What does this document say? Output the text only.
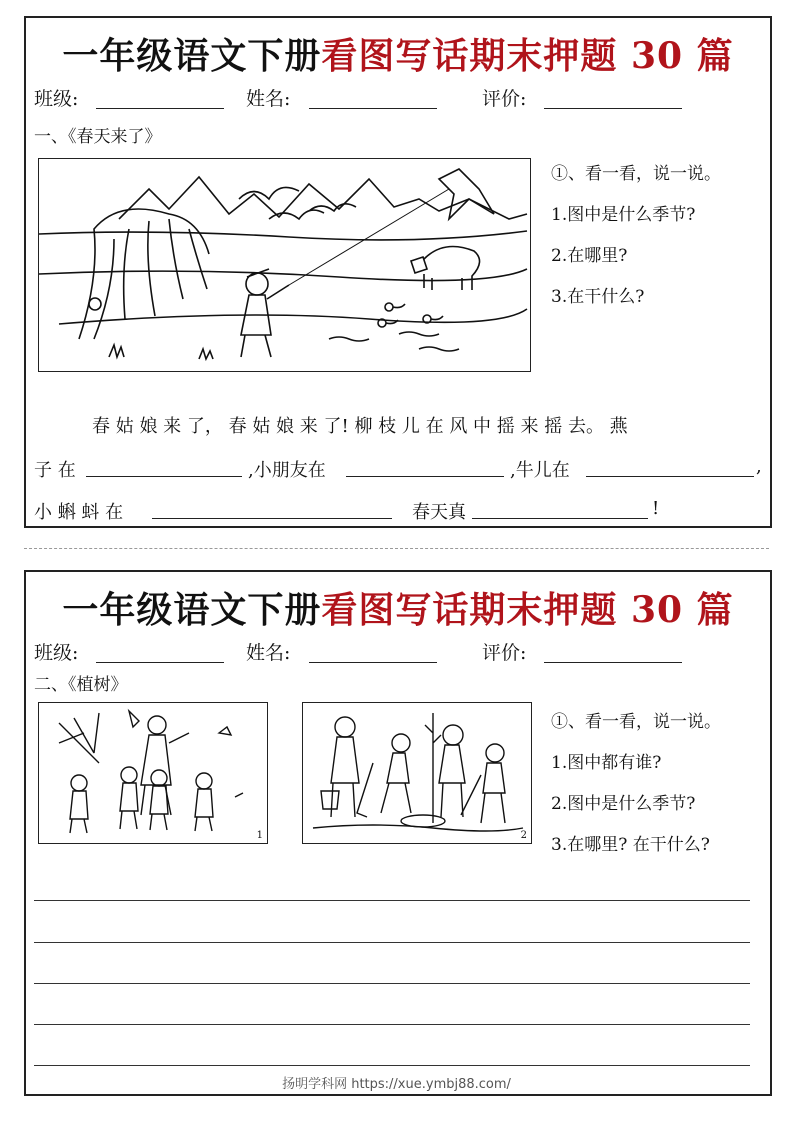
一年级语文下册看图写话期末押题 30 篇
班级:	姓名:	评价:
一、《春天来了》
①、看一看，说一说。
1.图中是什么季节?
2.在哪里?
3.在干什么?
春 姑 娘 来 了， 春 姑 娘 来 了! 柳 枝 儿 在 风 中 摇 来 摇 去。 燕
子 在	,小朋友在	,牛儿在	,
小 蝌 蚪 在	春天真	!
一年级语文下册看图写话期末押题 30 篇
班级:	姓名:	评价:
二、《植树》
1	2
①、看一看，说一说。
1.图中都有谁?
2.图中是什么季节?
3.在哪里? 在干什么?
扬明学科网 https://xue.ymbj88.com/
